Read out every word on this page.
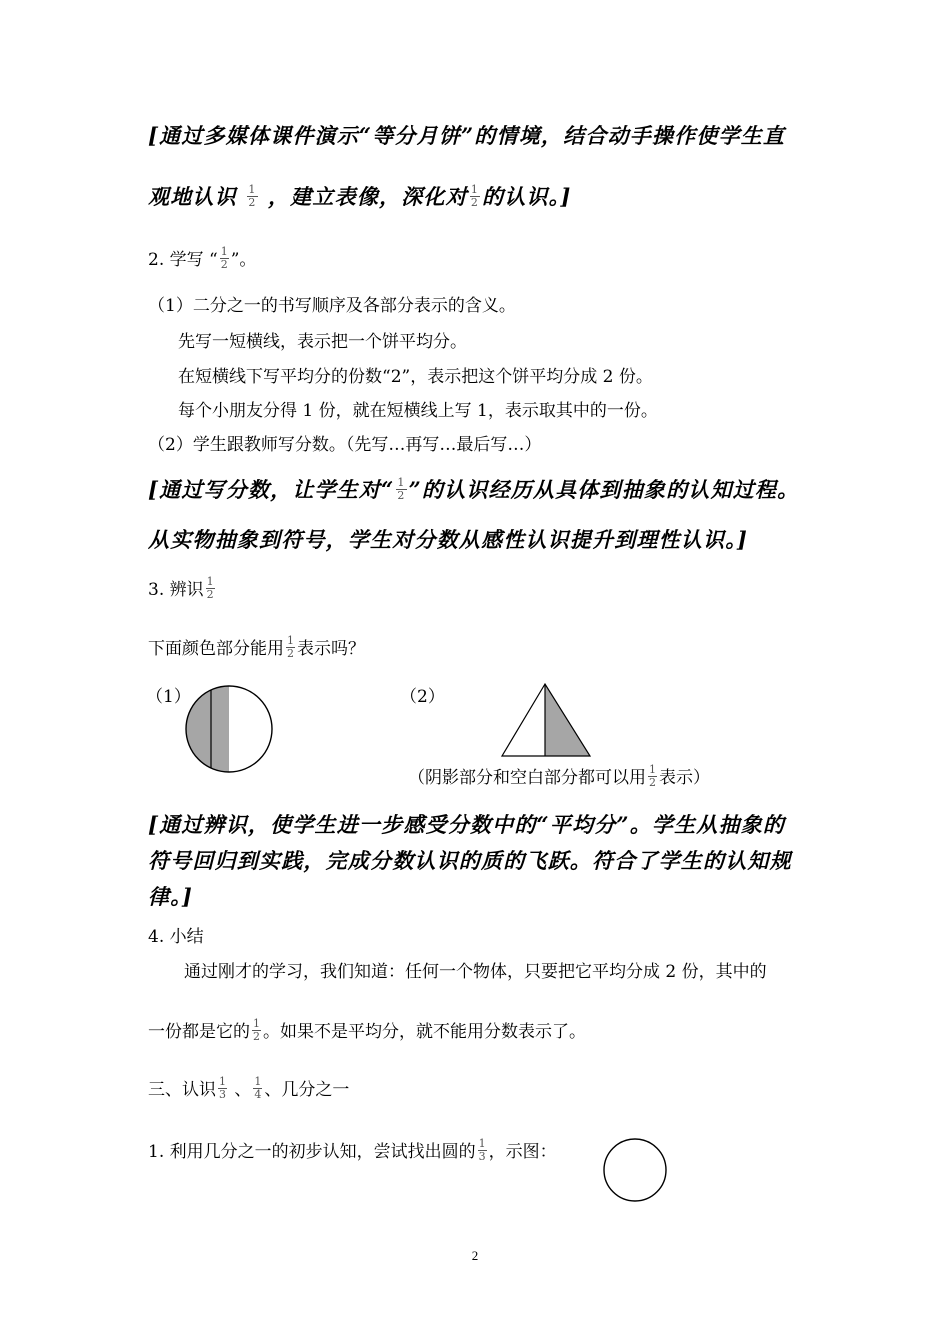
[通过多媒体课件演示“等分月饼”的情境，结合动手操作使学生直
观地认识 $\frac{1}{2}$ ，建立表像，深化对 $\frac{1}{2}$ 的认识。]
2. 学写 “ $\frac{1}{2}$ ”。
（1）二分之一的书写顺序及各部分表示的含义。
先写一短横线，表示把一个饼平均分。
在短横线下写平均分的份数“2”，表示把这个饼平均分成 2 份。
每个小朋友分得 1 份，就在短横线上写 1，表示取其中的一份。
（2）学生跟教师写分数。（先写…再写…最后写…）
[通过写分数，让学生对“ $\frac{1}{2}$ ”的认识经历从具体到抽象的认知过程。
从实物抽象到符号，学生对分数从感性认识提升到理性认识。]
3. 辨识 $\frac{1}{2}$
下面颜色部分能用 $\frac{1}{2}$ 表示吗？
（1）	（2）
（阴影部分和空白部分都可以用 $\frac{1}{2}$ 表示）
[通过辨识，使学生进一步感受分数中的“平均分”。学生从抽象的
符号回归到实践，完成分数认识的质的飞跃。符合了学生的认知规
律。]
4. 小结
通过刚才的学习，我们知道：任何一个物体，只要把它平均分成 2 份，其中的
一份都是它的 $\frac{1}{2}$ 。如果不是平均分，就不能用分数表示了。
三、认识 $\frac{1}{3}$ 、 $\frac{1}{4}$ 、几分之一
1. 利用几分之一的初步认知，尝试找出圆的 $\frac{1}{3}$ ，示图：
2
